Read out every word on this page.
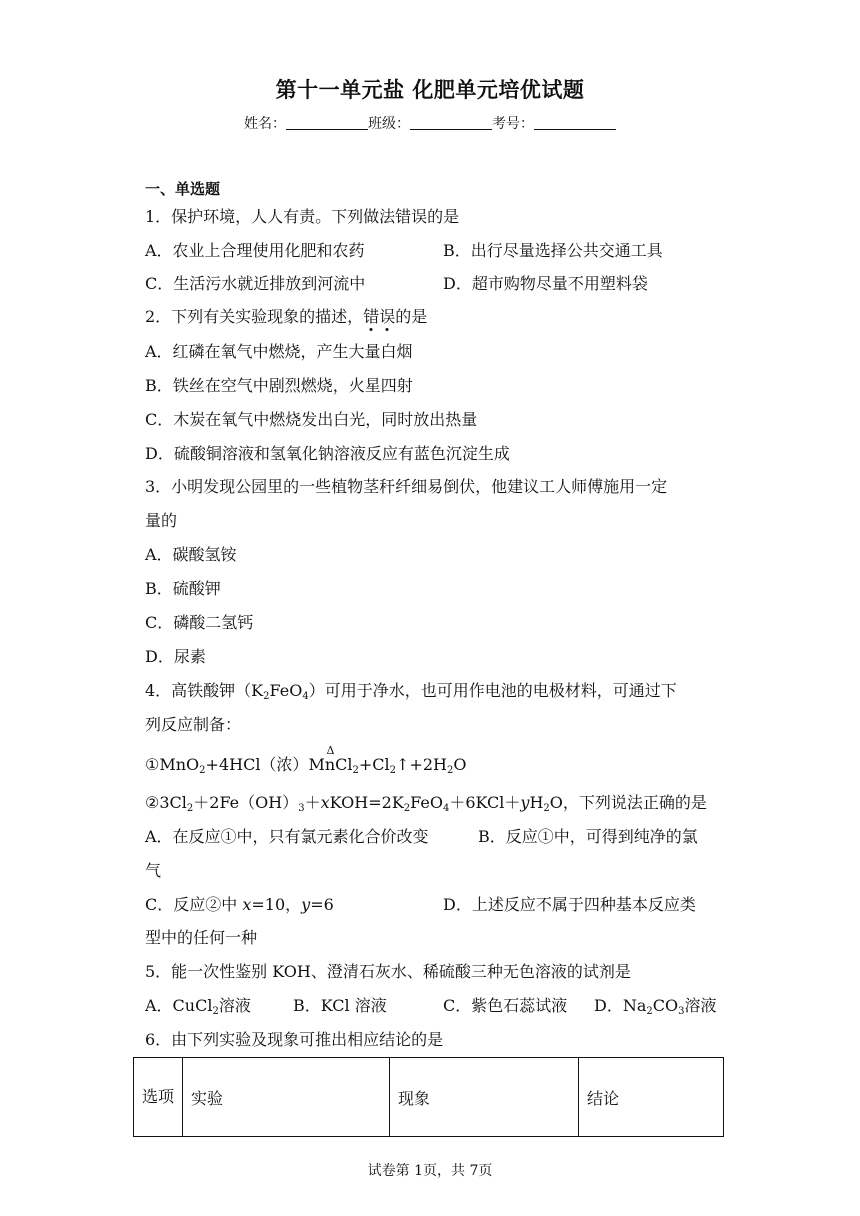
第十一单元盐 化肥单元培优试题
姓名：	班级：	考号：
一、单选题
1．保护环境，人人有责。下列做法错误的是
A．农业上合理使用化肥和农药	B．出行尽量选择公共交通工具
C．生活污水就近排放到河流中	D．超市购物尽量不用塑料袋
2．下列有关实验现象的描述，错误的是
A．红磷在氧气中燃烧，产生大量白烟
B．铁丝在空气中剧烈燃烧，火星四射
C．木炭在氧气中燃烧发出白光，同时放出热量
D．硫酸铜溶液和氢氧化钠溶液反应有蓝色沉淀生成
3．小明发现公园里的一些植物茎秆纤细易倒伏，他建议工人师傅施用一定
量的
A．碳酸氢铵
B．硫酸钾
C．磷酸二氢钙
D．尿素
4．高铁酸钾$(K_2FeO_4)$可用于净水，也可用作电池的电极材料，可通过下
列反应制备：
①MnO$_2$+4HCl（浓）
Δ
$MnCl_2+Cl_2↑+2H_2O$
$②3Cl_2+2Fe(OH)_3+xKOH=2K_2FeO_4+6KCl+yH_2O$，下列说法正确的是
A．在反应①中，只有氯元素化合价改变	B．反应①中，可得到纯净的氯
气
C．反应②中 x=10，y=6	D．上述反应不属于四种基本反应类
型中的任何一种
5．能一次性鉴别 KOH、澄清石灰水、稀硫酸三种无色溶液的试剂是
A．CuCl$_2$溶液	B．KCl 溶液	C．紫色石蕊试液 D．$Na_2CO_3$溶液
6．由下列实验及现象可推出相应结论的是
选项	实验	现象	结论
试卷第 1页，共 7页
